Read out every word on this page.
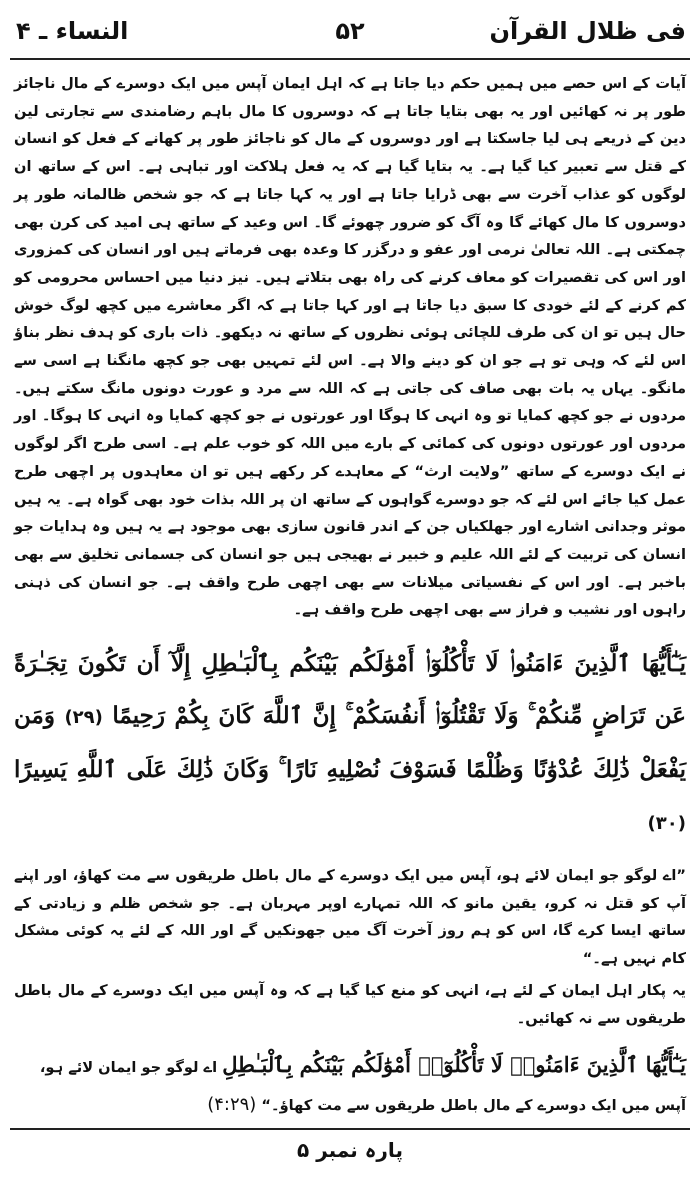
فی ظلال القرآن
۵۲
النساء ـ ۴

آیات کے اس حصے میں ہمیں حکم دیا جاتا ہے کہ اہل ایمان آپس میں ایک دوسرے کے مال ناجائز طور پر نہ کھائیں اور یہ بھی بتایا جاتا ہے کہ دوسروں کا مال باہم رضامندی سے تجارتی لین دین کے ذریعے ہی لیا جاسکتا ہے اور دوسروں کے مال کو ناجائز طور پر کھانے کے فعل کو انسان کے قتل سے تعبیر کیا گیا ہے۔ یہ بتایا گیا ہے کہ یہ فعل ہلاکت اور تباہی ہے۔ اس کے ساتھ ان لوگوں کو عذاب آخرت سے بھی ڈرایا جاتا ہے اور یہ کہا جاتا ہے کہ جو شخص ظالمانہ طور پر دوسروں کا مال کھائے گا وہ آگ کو ضرور چھوئے گا۔ اس وعید کے ساتھ ہی امید کی کرن بھی چمکتی ہے۔ اللہ تعالیٰ نرمی اور عفو و درگزر کا وعدہ بھی فرماتے ہیں اور انسان کی کمزوری اور اس کی تقصیرات کو معاف کرنے کی راہ بھی بتلاتے ہیں۔ نیز دنیا میں احساس محرومی کو کم کرنے کے لئے خودی کا سبق دیا جاتا ہے اور کہا جاتا ہے کہ اگر معاشرے میں کچھ لوگ خوش حال ہیں تو ان کی طرف للچائی ہوئی نظروں کے ساتھ نہ دیکھو۔ ذات باری کو ہدف نظر بناؤ اس لئے کہ وہی تو ہے جو ان کو دینے والا ہے۔ اس لئے تمہیں بھی جو کچھ مانگنا ہے اسی سے مانگو۔ یہاں یہ بات بھی صاف کی جاتی ہے کہ اللہ سے مرد و عورت دونوں مانگ سکتے ہیں۔ مردوں نے جو کچھ کمایا تو وہ انہی کا ہوگا اور عورتوں نے جو کچھ کمایا وہ انہی کا ہوگا۔ اور مردوں اور عورتوں دونوں کی کمائی کے بارے میں اللہ کو خوب علم ہے۔ اسی طرح اگر لوگوں نے ایک دوسرے کے ساتھ ”ولایت ارث“ کے معاہدے کر رکھے ہیں تو ان معاہدوں پر اچھی طرح عمل کیا جائے اس لئے کہ جو دوسرے گواہوں کے ساتھ ان پر اللہ بذات خود بھی گواہ ہے۔ یہ ہیں موثر وجدانی اشارے اور جھلکیاں جن کے اندر قانون سازی بھی موجود ہے یہ ہیں وہ ہدایات جو انسان کی تربیت کے لئے اللہ علیم و خبیر نے بھیجی ہیں جو انسان کی جسمانی تخلیق سے بھی باخبر ہے۔ اور اس کے نفسیاتی میلانات سے بھی اچھی طرح واقف ہے۔ جو انسان کی ذہنی راہوں اور نشیب و فراز سے بھی اچھی طرح واقف ہے۔

يَـٰٓأَيُّهَا ٱلَّذِينَ ءَامَنُوا۟ لَا تَأْكُلُوٓا۟ أَمْوَٰلَكُم بَيْنَكُم بِٱلْبَـٰطِلِ إِلَّآ أَن تَكُونَ تِجَـٰرَةً عَن تَرَاضٍ مِّنكُمْ ۚ وَلَا تَقْتُلُوٓا۟ أَنفُسَكُمْ ۚ إِنَّ ٱللَّهَ كَانَ بِكُمْ رَحِيمًا (۲۹) وَمَن يَفْعَلْ ذَٰلِكَ عُدْوَٰنًا وَظُلْمًا فَسَوْفَ نُصْلِيهِ نَارًا ۚ وَكَانَ ذَٰلِكَ عَلَى ٱللَّهِ يَسِيرًا (۳۰)

”اے لوگو جو ایمان لائے ہو، آپس میں ایک دوسرے کے مال باطل طریقوں سے مت کھاؤ، اور اپنے آپ کو قتل نہ کرو، یقین مانو کہ اللہ تمہارے اوپر مہربان ہے۔ جو شخص ظلم و زیادتی کے ساتھ ایسا کرے گا، اس کو ہم روز آخرت آگ میں جھونکیں گے اور اللہ کے لئے یہ کوئی مشکل کام نہیں ہے۔“

یہ پکار اہل ایمان کے لئے ہے، انہی کو منع کیا گیا ہے کہ وہ آپس میں ایک دوسرے کے مال باطل طریقوں سے نہ کھائیں۔

يَـٰٓأَيُّهَا ٱلَّذِينَ ءَامَنُوا۟ لَا تَأْكُلُوٓا۟ أَمْوَٰلَكُم بَيْنَكُم بِٱلْبَـٰطِلِ اے لوگو جو ایمان لائے ہو، آپس میں ایک دوسرے کے مال باطل طریقوں سے مت کھاؤ۔“ (۴:۲۹)
پارہ نمبر ۵
